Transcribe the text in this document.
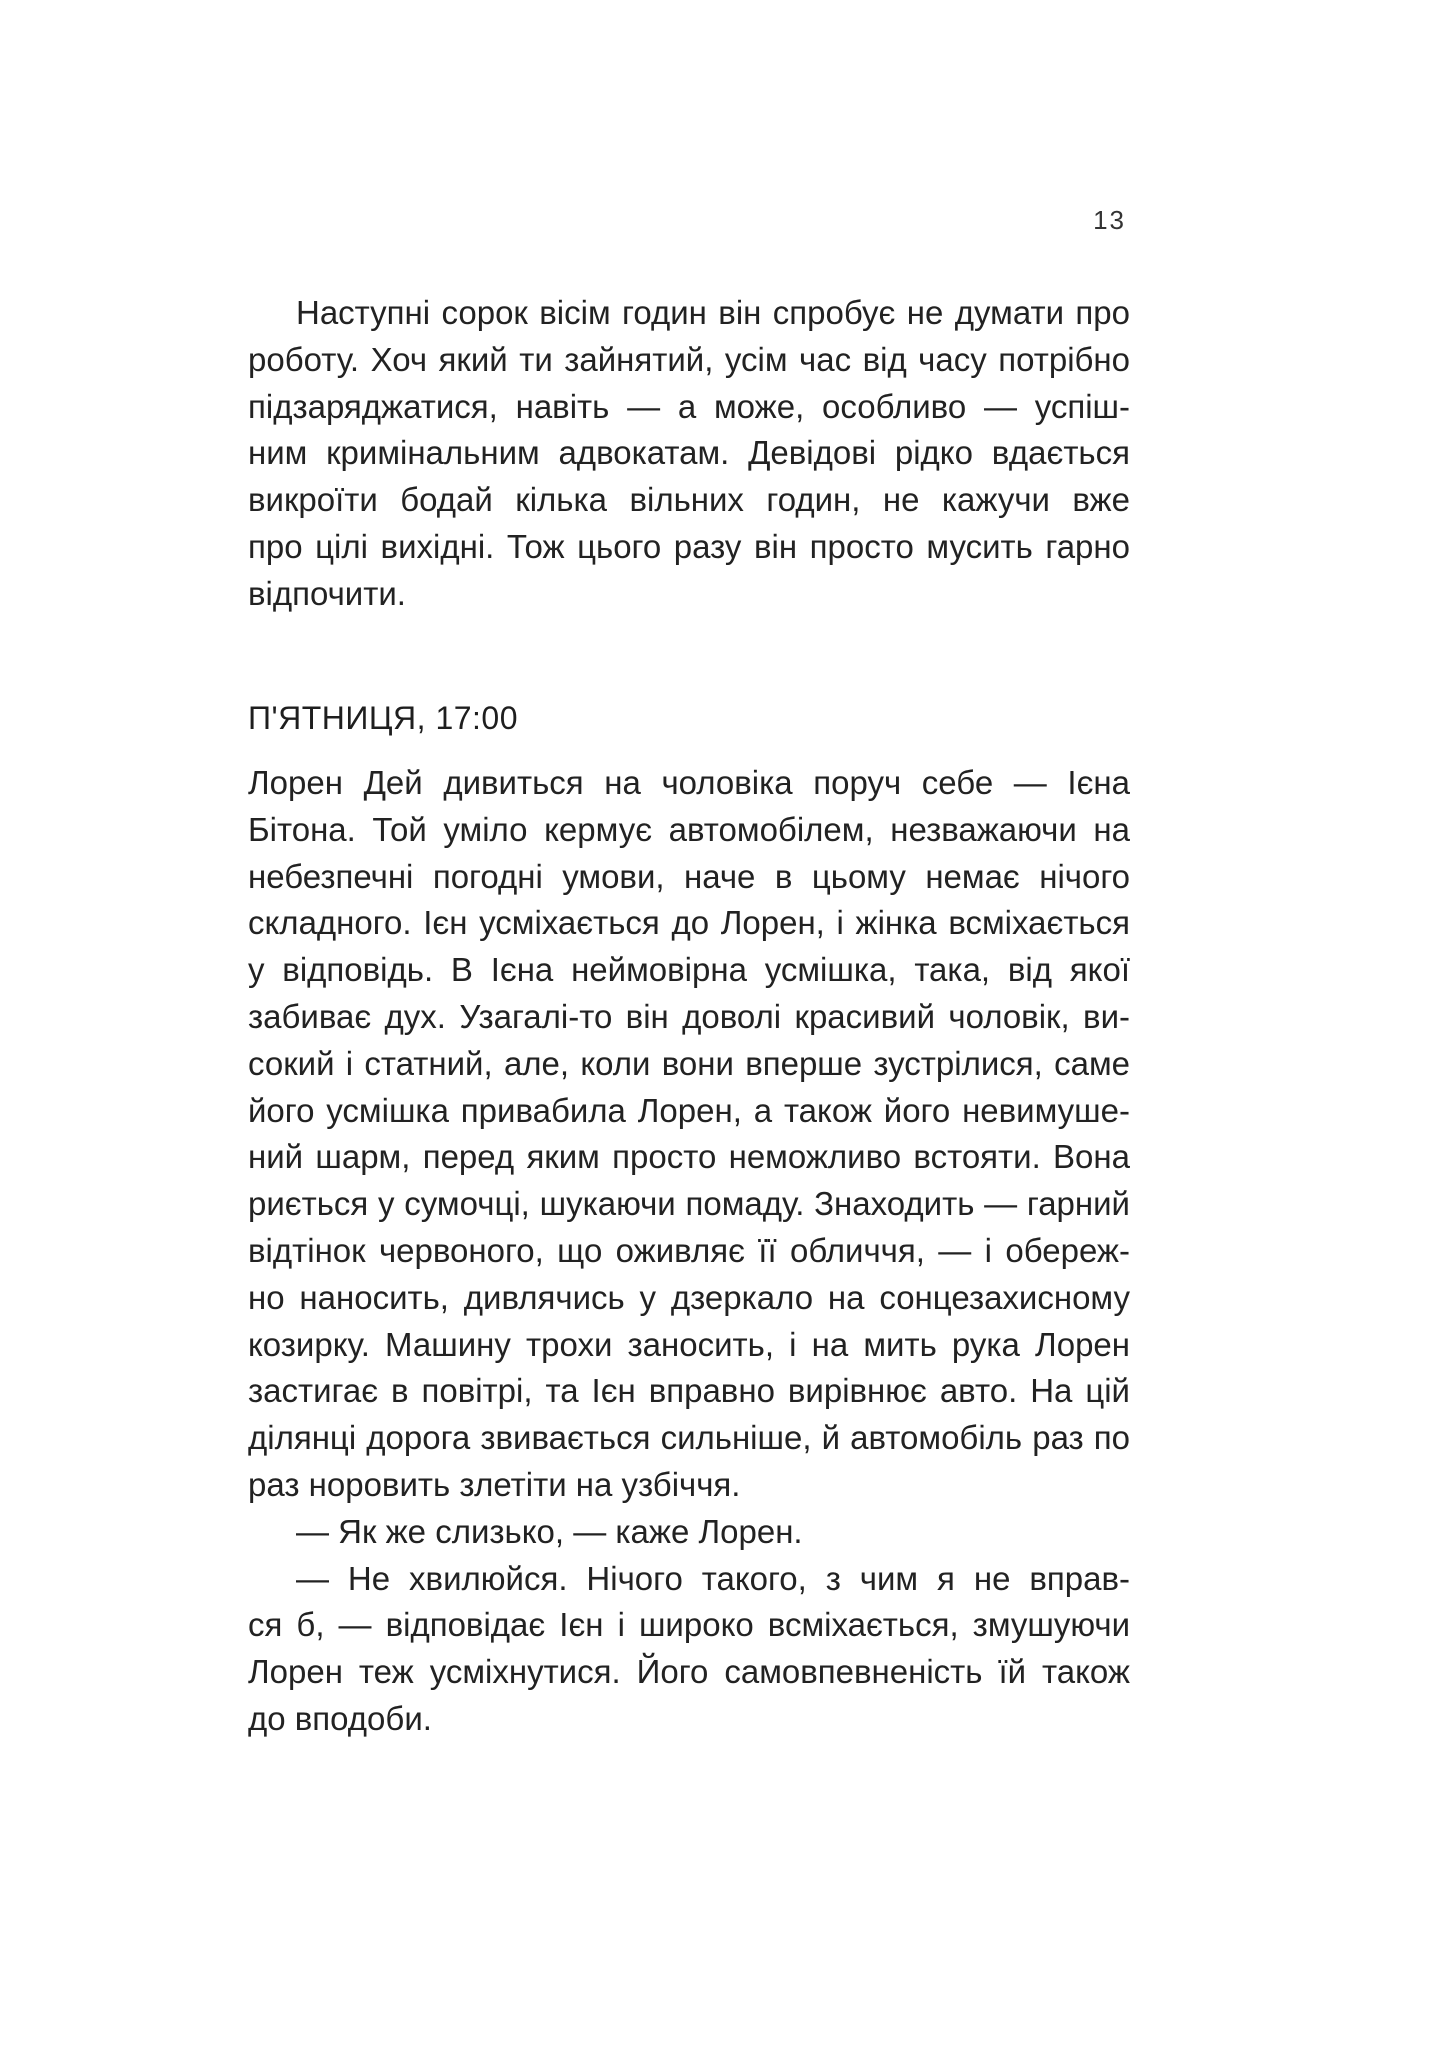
13
Наступні сорок вісім годин він спробує не думати про
роботу. Хоч який ти зайнятий, усім час від часу потрібно
підзаряджатися, навіть — а може, особливо — успіш-
ним кримінальним адвокатам. Девідові рідко вдається
викроїти бодай кілька вільних годин, не кажучи вже
про цілі вихідні. Тож цього разу він просто мусить гарно
відпочити.
П'ЯТНИЦЯ, 17:00
Лорен Дей дивиться на чоловіка поруч себе — Ієна
Бітона. Той уміло кермує автомобілем, незважаючи на
небезпечні погодні умови, наче в цьому немає нічого
складного. Ієн усміхається до Лорен, і жінка всміхається
у відповідь. В Ієна неймовірна усмішка, така, від якої
забиває дух. Узагалі-то він доволі красивий чоловік, ви-
сокий і статний, але, коли вони вперше зустрілися, саме
його усмішка привабила Лорен, а також його невимуше-
ний шарм, перед яким просто неможливо встояти. Вона
риється у сумочці, шукаючи помаду. Знаходить — гарний
відтінок червоного, що оживляє її обличчя, — і обереж-
но наносить, дивлячись у дзеркало на сонцезахисному
козирку. Машину трохи заносить, і на мить рука Лорен
застигає в повітрі, та Ієн вправно вирівнює авто. На цій
ділянці дорога звивається сильніше, й автомобіль раз по
раз норовить злетіти на узбіччя.
— Як же слизько, — каже Лорен.
— Не хвилюйся. Нічого такого, з чим я не вправ-
ся б, — відповідає Ієн і широко всміхається, змушуючи
Лорен теж усміхнутися. Його самовпевненість їй також
до вподоби.
